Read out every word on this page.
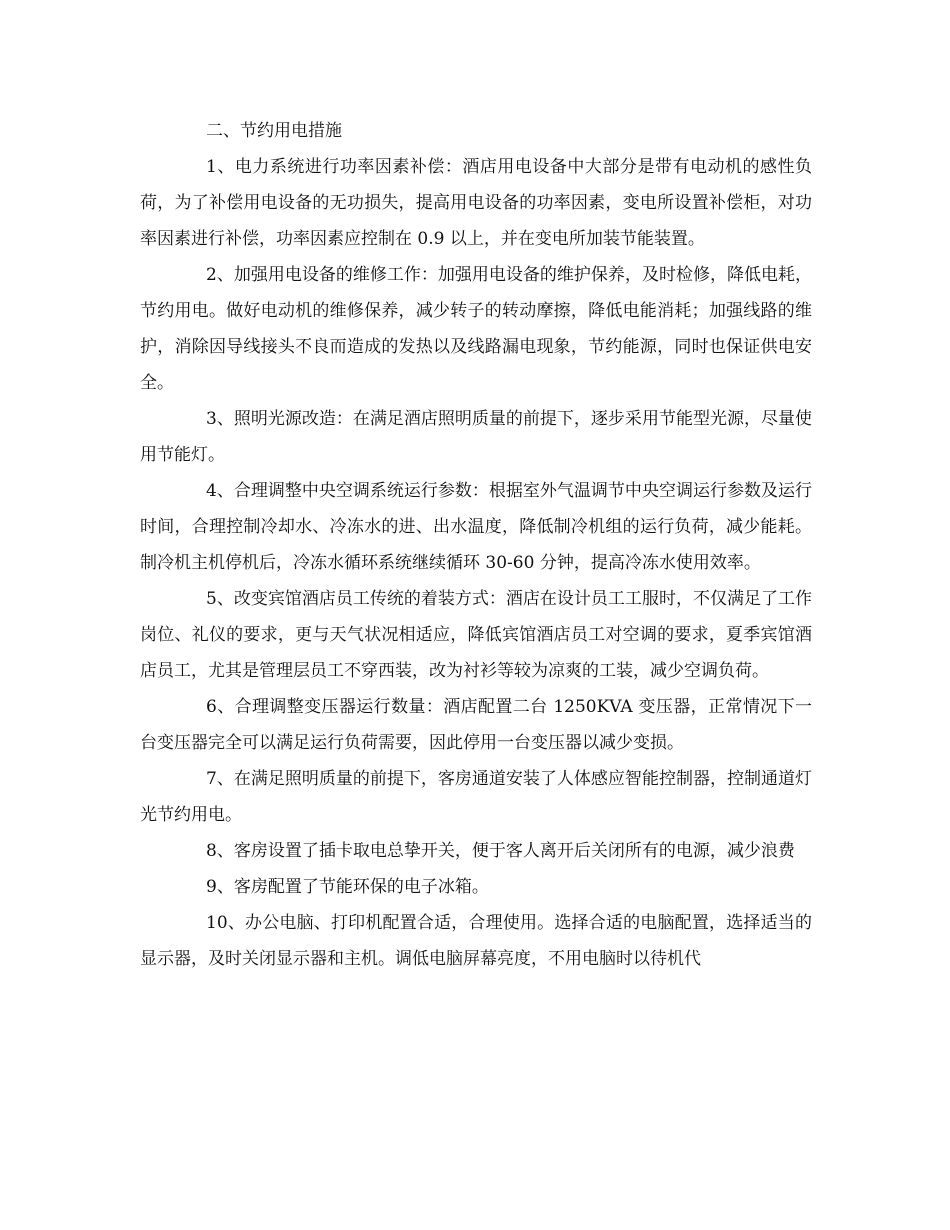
二、节约用电措施

1、电力系统进行功率因素补偿：酒店用电设备中大部分是带有电动机的感性负荷，为了补偿用电设备的无功损失，提高用电设备的功率因素，变电所设置补偿柜，对功率因素进行补偿，功率因素应控制在 0.9 以上，并在变电所加装节能装置。

2、加强用电设备的维修工作：加强用电设备的维护保养，及时检修，降低电耗，节约用电。做好电动机的维修保养，减少转子的转动摩擦，降低电能消耗；加强线路的维护，消除因导线接头不良而造成的发热以及线路漏电现象，节约能源，同时也保证供电安全。

3、照明光源改造：在满足酒店照明质量的前提下，逐步采用节能型光源，尽量使用节能灯。

4、合理调整中央空调系统运行参数：根据室外气温调节中央空调运行参数及运行时间，合理控制冷却水、冷冻水的进、出水温度，降低制冷机组的运行负荷，减少能耗。制冷机主机停机后，冷冻水循环系统继续循环 30-60 分钟，提高冷冻水使用效率。

5、改变宾馆酒店员工传统的着装方式：酒店在设计员工工服时，不仅满足了工作岗位、礼仪的要求，更与天气状况相适应，降低宾馆酒店员工对空调的要求，夏季宾馆酒店员工，尤其是管理层员工不穿西装，改为衬衫等较为凉爽的工装，减少空调负荷。

6、合理调整变压器运行数量：酒店配置二台 1250KVA 变压器，正常情况下一台变压器完全可以满足运行负荷需要，因此停用一台变压器以减少变损。

7、在满足照明质量的前提下，客房通道安装了人体感应智能控制器，控制通道灯光节约用电。

8、客房设置了插卡取电总挚开关，便于客人离开后关闭所有的电源，减少浪费

9、客房配置了节能环保的电子冰箱。

10、办公电脑、打印机配置合适，合理使用。选择合适的电脑配置，选择适当的显示器，及时关闭显示器和主机。调低电脑屏幕亮度，不用电脑时以待机代
